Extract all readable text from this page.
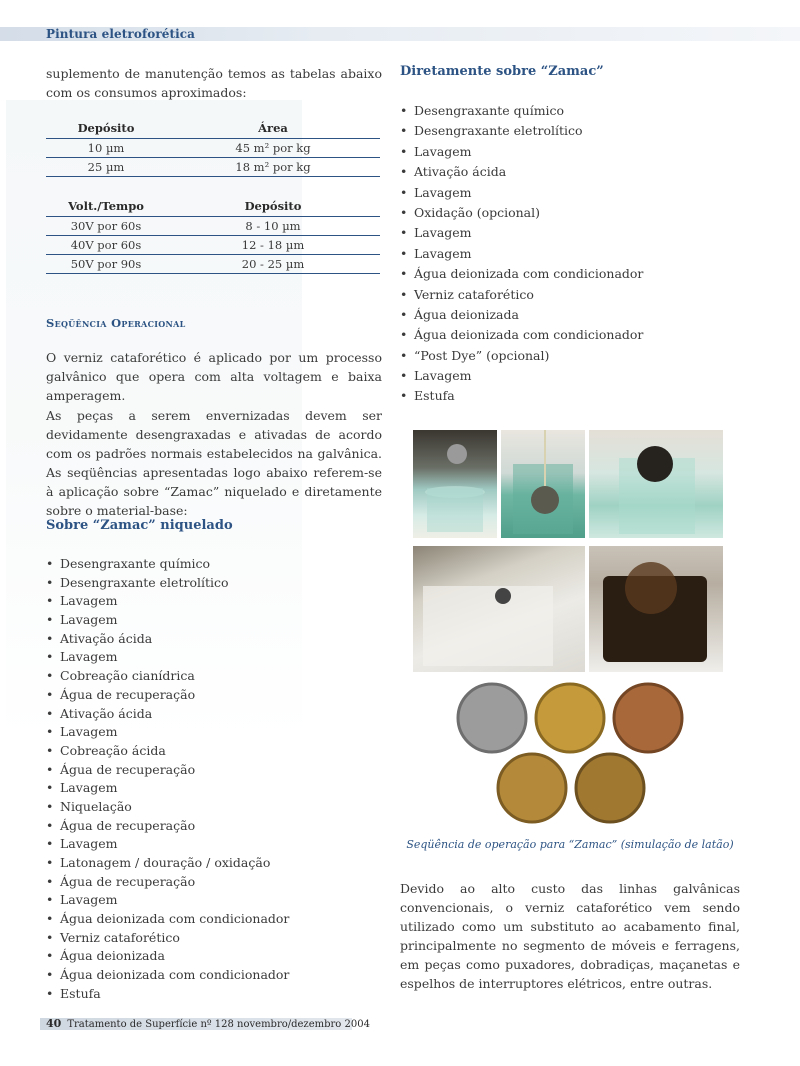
Pintura eletroforética

suplemento de manutenção temos as tabelas abaixo com os consumos aproximados:

Depósito	Área
10 µm	45 m² por kg
25 µm	18 m² por kg
Volt./Tempo	Depósito
30V por 60s	8 - 10 µm
40V por 60s	12 - 18 µm
50V por 90s	20 - 25 µm
Seqüência Operacional

O verniz cataforético é aplicado por um processo galvânico que opera com alta voltagem e baixa amperagem.

As peças a serem envernizadas devem ser devidamente desengraxadas e ativadas de acordo com os padrões normais estabelecidos na galvânica. As seqüências apresentadas logo abaixo referem-se à aplicação sobre “Zamac” niquelado e diretamente sobre o material-base:

Sobre “Zamac” niquelado
• Desengraxante químico
• Desengraxante eletrolítico
• Lavagem
• Lavagem
• Ativação ácida
• Lavagem
• Cobreação cianídrica
• Água de recuperação
• Ativação ácida
• Lavagem
• Cobreação ácida
• Água de recuperação
• Lavagem
• Niquelação
• Água de recuperação
• Lavagem
• Latonagem / douração / oxidação
• Água de recuperação
• Lavagem
• Água deionizada com condicionador
• Verniz cataforético
• Água deionizada
• Água deionizada com condicionador
• Estufa
Diretamente sobre “Zamac”
• Desengraxante químico
• Desengraxante eletrolítico
• Lavagem
• Ativação ácida
• Lavagem
• Oxidação (opcional)
• Lavagem
• Lavagem
• Água deionizada com condicionador
• Verniz cataforético
• Água deionizada
• Água deionizada com condicionador
• “Post Dye” (opcional)
• Lavagem
• Estufa
Seqüência de operação para “Zamac” (simulação de latão)

Devido ao alto custo das linhas galvânicas convencionais, o verniz cataforético vem sendo utilizado como um substituto ao acabamento final, principalmente no segmento de móveis e ferragens, em peças como puxadores, dobradiças, maçanetas e espelhos de interruptores elétricos, entre outras.

40 Tratamento de Superfície nº 128 novembro/dezembro 2004
